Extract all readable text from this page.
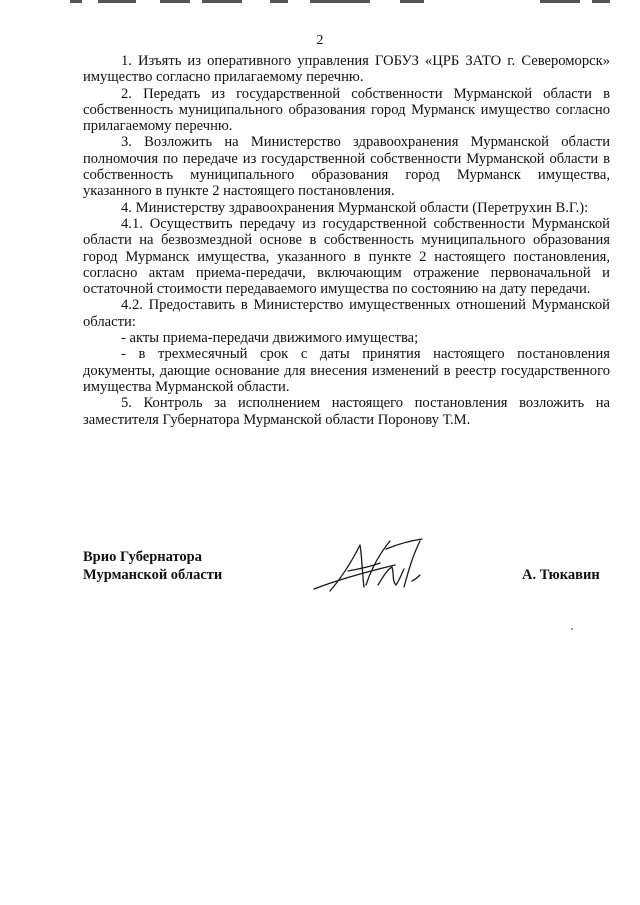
2

1. Изъять из оперативного управления ГОБУЗ «ЦРБ ЗАТО г. Североморск» имущество согласно прилагаемому перечню.

2. Передать из государственной собственности Мурманской области в собственность муниципального образования город Мурманск имущество согласно прилагаемому перечню.

3. Возложить на Министерство здравоохранения Мурманской области полномочия по передаче из государственной собственности Мурманской области в собственность муниципального образования город Мурманск имущества, указанного в пункте 2 настоящего постановления.

4. Министерству здравоохранения Мурманской области (Перетрухин В.Г.):

4.1. Осуществить передачу из государственной собственности Мурманской области на безвозмездной основе в собственность муниципального образования город Мурманск имущества, указанного в пункте 2 настоящего постановления, согласно актам приема-передачи, включающим отражение первоначальной и остаточной стоимости передаваемого имущества по состоянию на дату передачи.

4.2. Предоставить в Министерство имущественных отношений Мурманской области:

- акты приема-передачи движимого имущества;

- в трехмесячный срок с даты принятия настоящего постановления документы, дающие основание для внесения изменений в реестр государственного имущества Мурманской области.

5. Контроль за исполнением настоящего постановления возложить на заместителя Губернатора Мурманской области Поронову Т.М.

Врио Губернатора
Мурманской области	А. Тюкавин
